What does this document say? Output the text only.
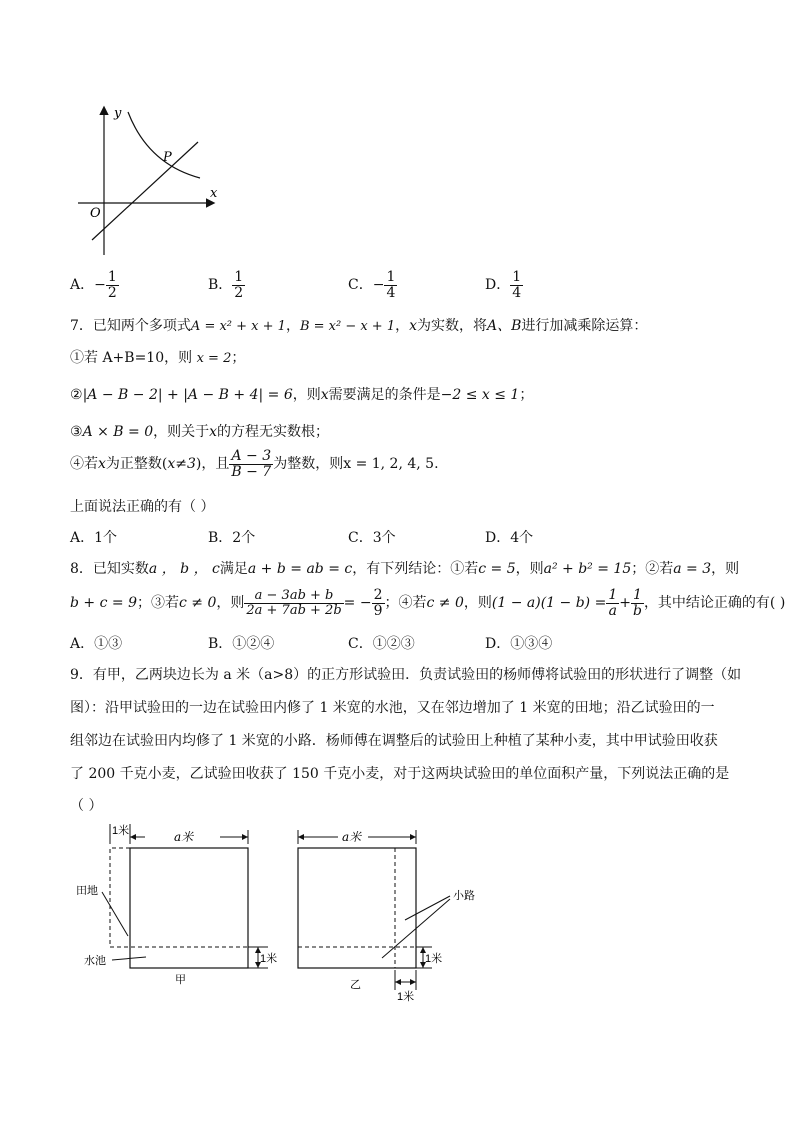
y
x
O
P
A．− $\frac{1}{2}$	B． $\frac{1}{2}$	C．− $\frac{1}{4}$	D． $\frac{1}{4}$
7．已知两个多项式A = x² + x + 1，B = x² − x + 1，x为实数，将A、B进行加减乘除运算：
①若 A+B=10，则 x = 2；
②|A − B − 2| + |A − B + 4| = 6，则x需要满足的条件是−2 ≤ x ≤ 1；
③A × B = 0，则关于x的方程无实数根；
④若x为正整数(x≠3)，且 $\frac{A - 3}{B - 7}$ 为整数，则x = 1, 2, 4, 5.
上面说法正确的有（ ）
A．1个	B．2个	C．3个	D．4个
8．已知实数a ， b ， c满足a + b = ab = c，有下列结论：①若c = 5，则a² + b² = 15；②若a = 3，则
b + c = 9；③若c ≠ 0，则 $\frac{a - 3ab + b}{2a + 7ab + 2b}$ = − $\frac{2}{9}$ ；④若c ≠ 0，则$(1 - a)(1 - b) = \frac{1}{a} + \frac{1}{b}$ ，其中结论正确的有( )
A．①③	B．①②④	C．①②③	D．①③④
9．有甲，乙两块边长为 a 米（a>8）的正方形试验田．负责试验田的杨师傅将试验田的形状进行了调整（如
图）：沿甲试验田的一边在试验田内修了 1 米宽的水池，又在邻边增加了 1 米宽的田地；沿乙试验田的一
组邻边在试验田内均修了 1 米宽的小路．杨师傅在调整后的试验田上种植了某种小麦，其中甲试验田收获
了 200 千克小麦，乙试验田收获了 150 千克小麦，对于这两块试验田的单位面积产量，下列说法正确的是
（ ）
1米	a米
1米
田地
水池
甲
a米
小路
1米
1米
乙
